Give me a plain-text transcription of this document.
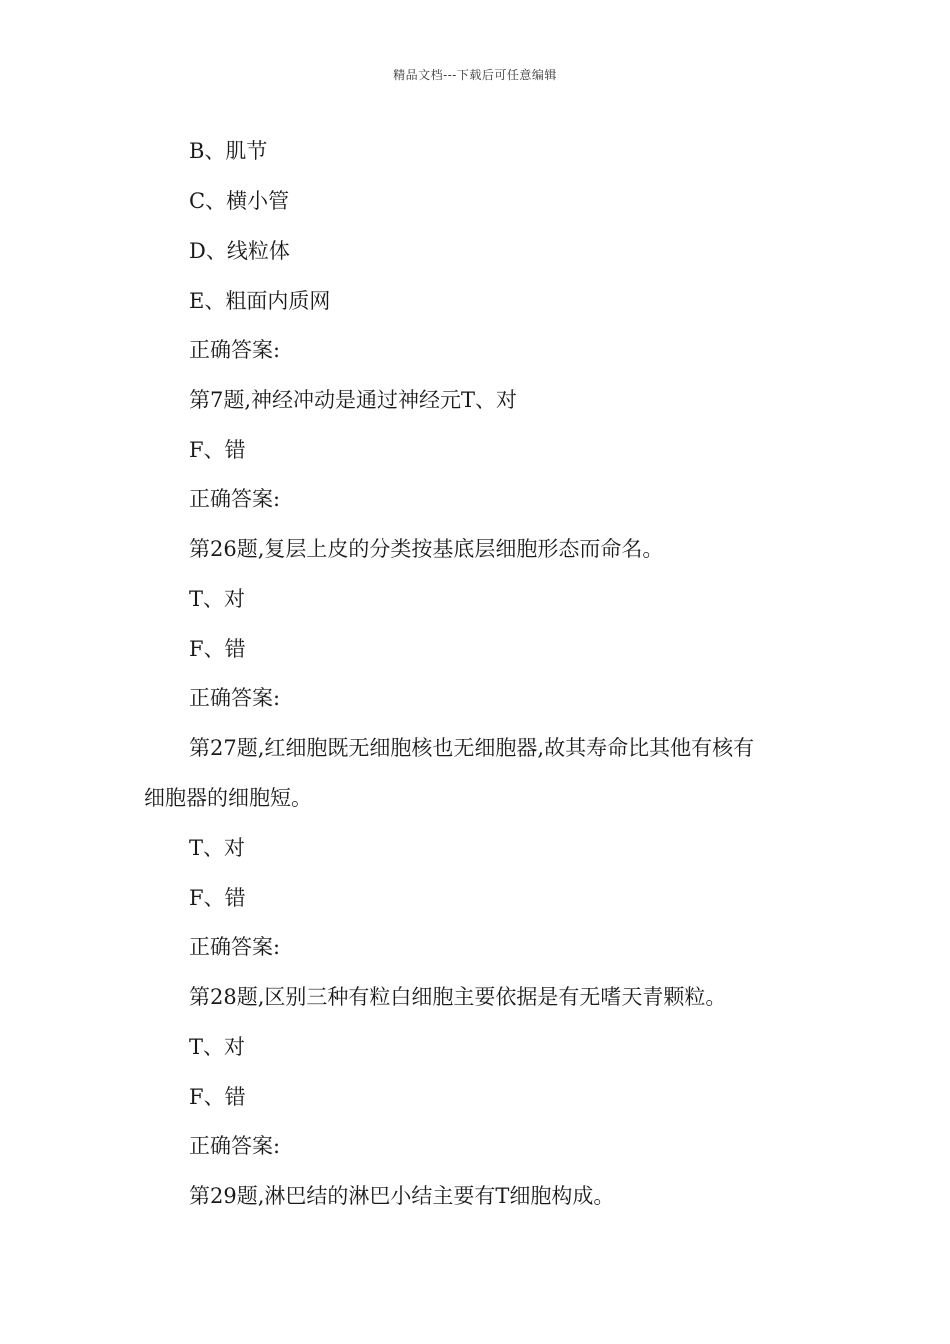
精品文档---下载后可任意编辑
B、肌节
C、横小管
D、线粒体
E、粗面内质网
正确答案:
第7题,神经冲动是通过神经元T、对
F、错
正确答案:
第26题,复层上皮的分类按基底层细胞形态而命名。
T、对
F、错
正确答案:
第27题,红细胞既无细胞核也无细胞器,故其寿命比其他有核有
细胞器的细胞短。
T、对
F、错
正确答案:
第28题,区别三种有粒白细胞主要依据是有无嗜天青颗粒。
T、对
F、错
正确答案:
第29题,淋巴结的淋巴小结主要有T细胞构成。
